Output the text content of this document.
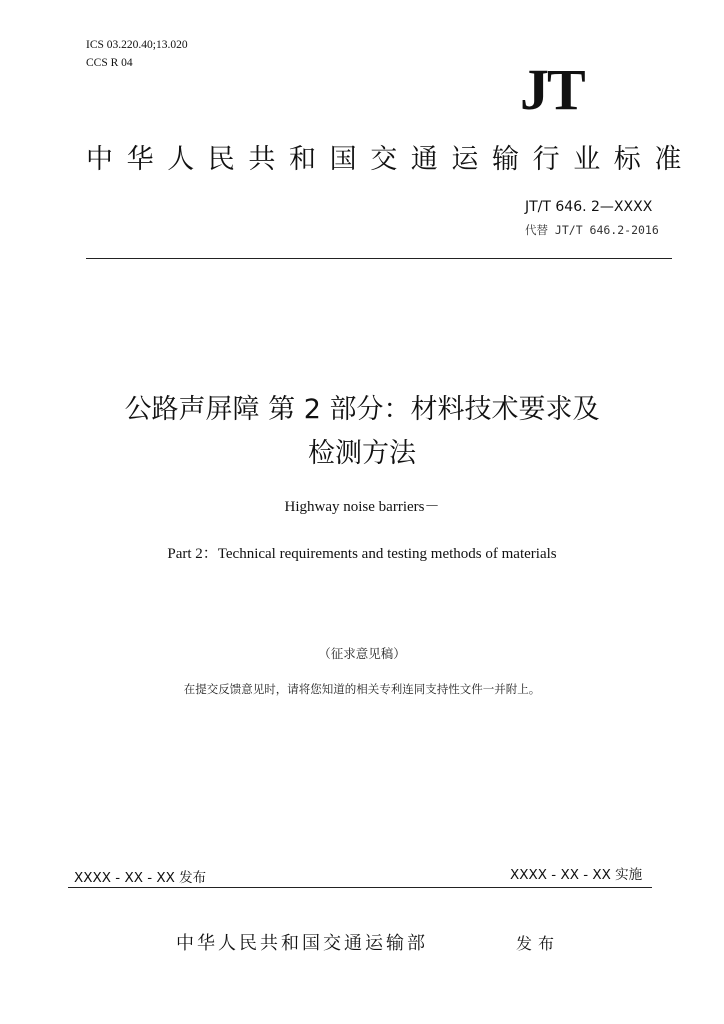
ICS 03.220.40;13.020
CCS R 04	JT
中华人民共和国交通运输行业标准
JT/T 646. 2—XXXX
代替 JT/T 646.2-2016
公路声屏障 第 2 部分：材料技术要求及
检测方法
Highway noise barriers－
Part 2：Technical requirements and testing methods of materials
（征求意见稿）
在提交反馈意见时，请将您知道的相关专利连同支持性文件一并附上。
XXXX - XX - XX 发布	XXXX - XX - XX 实施
中华人民共和国交通运输部	发布
